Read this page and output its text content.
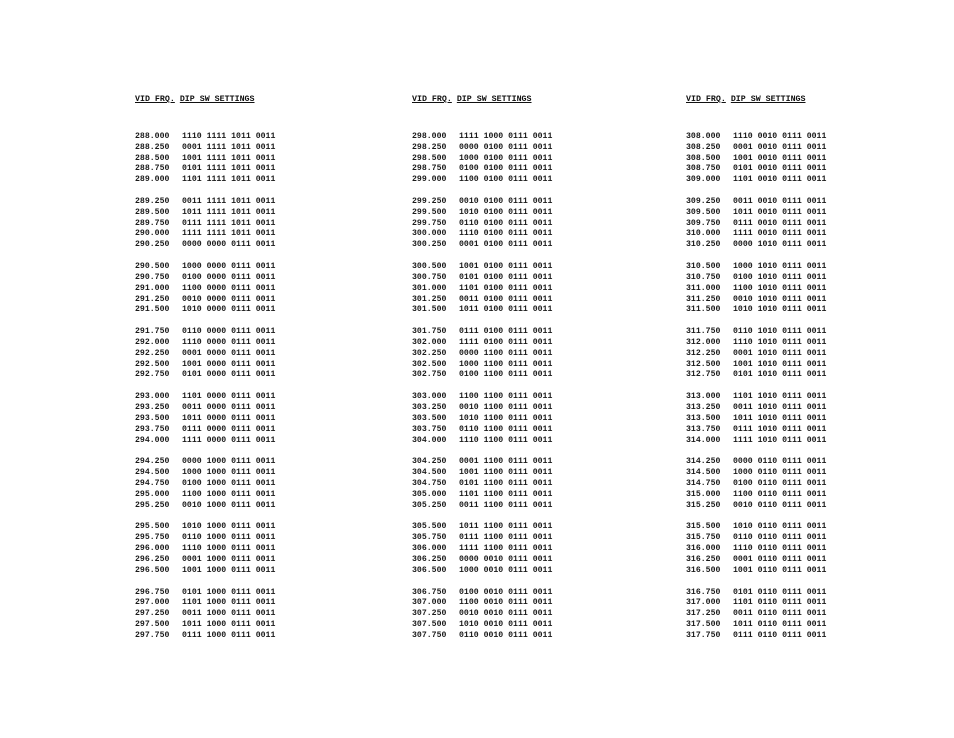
VID FRQ. DIP SW SETTINGS
288.000 1110 1111 1011 0011
288.250 0001 1111 1011 0011
288.500 1001 1111 1011 0011
288.750 0101 1111 1011 0011
289.000 1101 1111 1011 0011
289.250 0011 1111 1011 0011
289.500 1011 1111 1011 0011
289.750 0111 1111 1011 0011
290.000 1111 1111 1011 0011
290.250 0000 0000 0111 0011
290.500 1000 0000 0111 0011
290.750 0100 0000 0111 0011
291.000 1100 0000 0111 0011
291.250 0010 0000 0111 0011
291.500 1010 0000 0111 0011
291.750 0110 0000 0111 0011
292.000 1110 0000 0111 0011
292.250 0001 0000 0111 0011
292.500 1001 0000 0111 0011
292.750 0101 0000 0111 0011
293.000 1101 0000 0111 0011
293.250 0011 0000 0111 0011
293.500 1011 0000 0111 0011
293.750 0111 0000 0111 0011
294.000 1111 0000 0111 0011
294.250 0000 1000 0111 0011
294.500 1000 1000 0111 0011
294.750 0100 1000 0111 0011
295.000 1100 1000 0111 0011
295.250 0010 1000 0111 0011
295.500 1010 1000 0111 0011
295.750 0110 1000 0111 0011
296.000 1110 1000 0111 0011
296.250 0001 1000 0111 0011
296.500 1001 1000 0111 0011
296.750 0101 1000 0111 0011
297.000 1101 1000 0111 0011
297.250 0011 1000 0111 0011
297.500 1011 1000 0111 0011
297.750 0111 1000 0111 0011
VID FRQ. DIP SW SETTINGS
298.000 1111 1000 0111 0011
298.250 0000 0100 0111 0011
298.500 1000 0100 0111 0011
298.750 0100 0100 0111 0011
299.000 1100 0100 0111 0011
299.250 0010 0100 0111 0011
299.500 1010 0100 0111 0011
299.750 0110 0100 0111 0011
300.000 1110 0100 0111 0011
300.250 0001 0100 0111 0011
300.500 1001 0100 0111 0011
300.750 0101 0100 0111 0011
301.000 1101 0100 0111 0011
301.250 0011 0100 0111 0011
301.500 1011 0100 0111 0011
301.750 0111 0100 0111 0011
302.000 1111 0100 0111 0011
302.250 0000 1100 0111 0011
302.500 1000 1100 0111 0011
302.750 0100 1100 0111 0011
303.000 1100 1100 0111 0011
303.250 0010 1100 0111 0011
303.500 1010 1100 0111 0011
303.750 0110 1100 0111 0011
304.000 1110 1100 0111 0011
304.250 0001 1100 0111 0011
304.500 1001 1100 0111 0011
304.750 0101 1100 0111 0011
305.000 1101 1100 0111 0011
305.250 0011 1100 0111 0011
305.500 1011 1100 0111 0011
305.750 0111 1100 0111 0011
306.000 1111 1100 0111 0011
306.250 0000 0010 0111 0011
306.500 1000 0010 0111 0011
306.750 0100 0010 0111 0011
307.000 1100 0010 0111 0011
307.250 0010 0010 0111 0011
307.500 1010 0010 0111 0011
307.750 0110 0010 0111 0011
VID FRQ. DIP SW SETTINGS
308.000 1110 0010 0111 0011
308.250 0001 0010 0111 0011
308.500 1001 0010 0111 0011
308.750 0101 0010 0111 0011
309.000 1101 0010 0111 0011
309.250 0011 0010 0111 0011
309.500 1011 0010 0111 0011
309.750 0111 0010 0111 0011
310.000 1111 0010 0111 0011
310.250 0000 1010 0111 0011
310.500 1000 1010 0111 0011
310.750 0100 1010 0111 0011
311.000 1100 1010 0111 0011
311.250 0010 1010 0111 0011
311.500 1010 1010 0111 0011
311.750 0110 1010 0111 0011
312.000 1110 1010 0111 0011
312.250 0001 1010 0111 0011
312.500 1001 1010 0111 0011
312.750 0101 1010 0111 0011
313.000 1101 1010 0111 0011
313.250 0011 1010 0111 0011
313.500 1011 1010 0111 0011
313.750 0111 1010 0111 0011
314.000 1111 1010 0111 0011
314.250 0000 0110 0111 0011
314.500 1000 0110 0111 0011
314.750 0100 0110 0111 0011
315.000 1100 0110 0111 0011
315.250 0010 0110 0111 0011
315.500 1010 0110 0111 0011
315.750 0110 0110 0111 0011
316.000 1110 0110 0111 0011
316.250 0001 0110 0111 0011
316.500 1001 0110 0111 0011
316.750 0101 0110 0111 0011
317.000 1101 0110 0111 0011
317.250 0011 0110 0111 0011
317.500 1011 0110 0111 0011
317.750 0111 0110 0111 0011
